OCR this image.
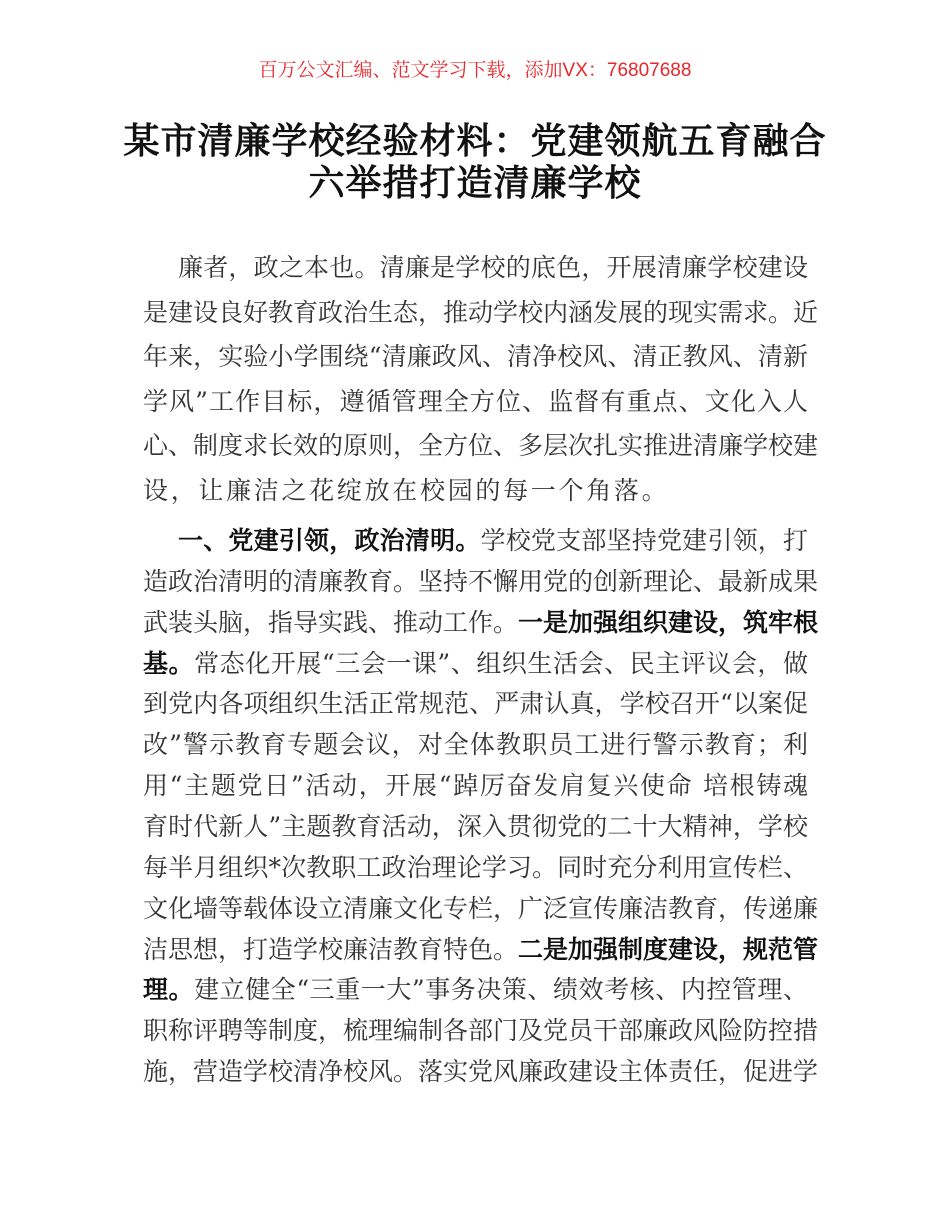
百万公文汇编、范文学习下载，添加VX：76807688
某市清廉学校经验材料：党建领航五育融合
六举措打造清廉学校
廉者，政之本也。清廉是学校的底色，开展清廉学校建设
是建设良好教育政治生态，推动学校内涵发展的现实需求。近
年来，实验小学围绕“清廉政风、清净校风、清正教风、清新
学风”工作目标，遵循管理全方位、监督有重点、文化入人
心、制度求长效的原则，全方位、多层次扎实推进清廉学校建
设，让廉洁之花绽放在校园的每一个角落。
一、党建引领，政治清明。学校党支部坚持党建引领，打
造政治清明的清廉教育。坚持不懈用党的创新理论、最新成果
武装头脑，指导实践、推动工作。一是加强组织建设，筑牢根
基。常态化开展“三会一课”、组织生活会、民主评议会，做
到党内各项组织生活正常规范、严肃认真，学校召开“以案促
改”警示教育专题会议，对全体教职员工进行警示教育；利
用“主题党日”活动，开展“踔厉奋发肩复兴使命 培根铸魂
育时代新人”主题教育活动，深入贯彻党的二十大精神，学校
每半月组织*次教职工政治理论学习。同时充分利用宣传栏、
文化墙等载体设立清廉文化专栏，广泛宣传廉洁教育，传递廉
洁思想，打造学校廉洁教育特色。二是加强制度建设，规范管
理。建立健全“三重一大”事务决策、绩效考核、内控管理、
职称评聘等制度，梳理编制各部门及党员干部廉政风险防控措
施，营造学校清净校风。落实党风廉政建设主体责任，促进学
